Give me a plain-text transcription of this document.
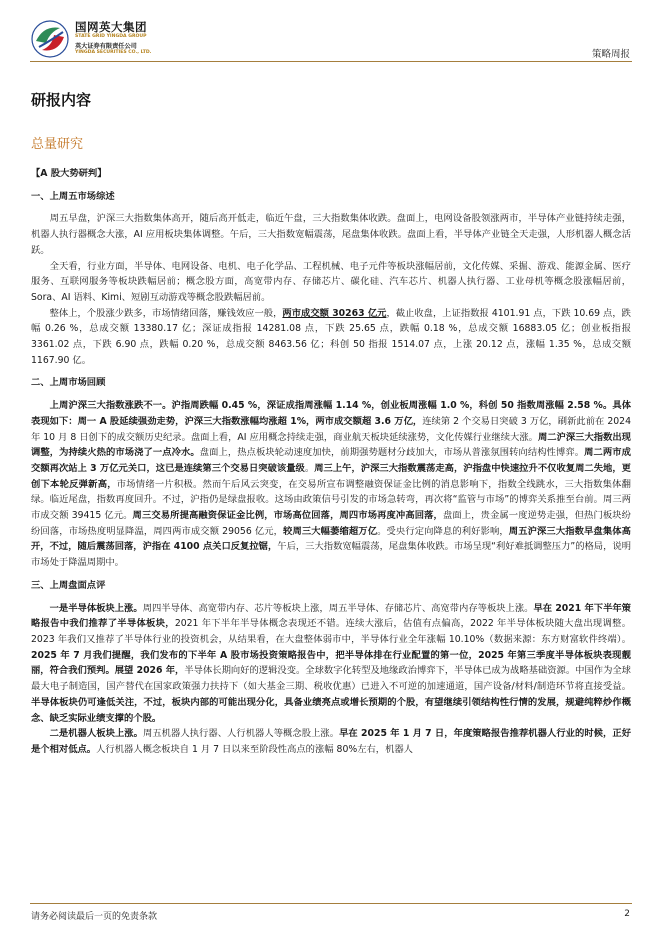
国网英大集团
STATE GRID YINGDA GROUP
英大证券有限责任公司
YINGDA SECURITIES CO., LTD.	策略周报
研报内容
总量研究
【A 股大势研判】
一、上周五市场综述

周五早盘，沪深三大指数集体高开，随后高开低走，临近午盘，三大指数集体收跌。盘面上，电网设备股领涨两市，半导体产业链持续走强，机器人执行器概念大涨，AI 应用板块集体调整。午后，三大指数宽幅震荡，尾盘集体收跌。盘面上看，半导体产业链全天走强，人形机器人概念活跃。

全天看，行业方面，半导体、电网设备、电机、电子化学品、工程机械、电子元件等板块涨幅居前，文化传媒、采掘、游戏、能源金属、医疗服务、互联网服务等板块跌幅居前；概念股方面，高宽带内存、存储芯片、碳化硅、汽车芯片、机器人执行器、工业母机等概念股涨幅居前，Sora、AI 语料、Kimi、短剧互动游戏等概念股跌幅居前。

整体上，个股涨少跌多，市场情绪回落，赚钱效应一般，两市成交额 30263 亿元，截止收盘，上证指数报 4101.91 点，下跌 10.69 点，跌幅 0.26 %，总成交额 13380.17 亿；深证成指报 14281.08 点，下跌 25.65 点，跌幅 0.18 %，总成交额 16883.05 亿；创业板指报 3361.02 点，下跌 6.90 点，跌幅 0.20 %，总成交额 8463.56 亿；科创 50 指报 1514.07 点，上涨 20.12 点，涨幅 1.35 %，总成交额 1167.90 亿。

二、上周市场回顾

上周沪深三大指数涨跌不一。沪指周跌幅 0.45 %，深证成指周涨幅 1.14 %，创业板周涨幅 1.0 %，科创 50 指数周涨幅 2.58 %。具体表现如下：周一 A 股延续强劲走势，沪深三大指数涨幅均涨超 1%，两市成交额超 3.6 万亿，连续第 2 个交易日突破 3 万亿，刷新此前在 2024 年 10 月 8 日创下的成交额历史纪录。盘面上看，AI 应用概念持续走强，商业航天板块延续涨势，文化传媒行业继续大涨。周二沪深三大指数出现调整，为持续火热的市场浇了一点冷水。盘面上，热点板块轮动速度加快，前期强势题材分歧加大，市场从普涨氛围转向结构性博弈。周二两市成交额再次站上 3 万亿元关口，这已是连续第三个交易日突破该量级。周三上午，沪深三大指数震荡走高，沪指盘中快速拉升不仅收复周二失地，更创下本轮反弹新高，市场情绪一片积极。然而午后风云突变，在交易所宣布调整融资保证金比例的消息影响下，指数全线跳水，三大指数集体翻绿。临近尾盘，指数再度回升。不过，沪指仍是绿盘报收。这场由政策信号引发的市场急转弯，再次将“监管与市场”的博弈关系推至台前。周三两市成交额 39415 亿元。周三交易所提高融资保证金比例，市场高位回落，周四市场再度冲高回落，盘面上，贵金属一度逆势走强，但热门板块纷纷回落，市场热度明显降温，周四两市成交额 29056 亿元，较周三大幅萎缩超万亿。受央行定向降息的利好影响，周五沪深三大指数早盘集体高开，不过，随后震荡回落，沪指在 4100 点关口反复拉锯，午后，三大指数宽幅震荡，尾盘集体收跌。市场呈现“利好难抵调整压力”的格局，说明市场处于降温周期中。

三、上周盘面点评

一是半导体板块上涨。周四半导体、高宽带内存、芯片等板块上涨，周五半导体、存储芯片、高宽带内存等板块上涨。早在 2021 年下半年策略报告中我们推荐了半导体板块，2021 年下半年半导体概念表现还不错。连续大涨后，估值有点偏高，2022 年半导体板块随大盘出现调整。2023 年我们又推荐了半导体行业的投资机会，从结果看，在大盘整体弱市中，半导体行业全年涨幅 10.10%（数据来源：东方财富软件终端）。2025 年 7 月我们提醒，我们发布的下半年 A 股市场投资策略报告中，把半导体排在行业配置的第一位，2025 年第三季度半导体板块表现靓丽，符合我们预判。展望 2026 年，半导体长期向好的逻辑没变。全球数字化转型及地缘政治博弈下，半导体已成为战略基础资源。中国作为全球最大电子制造国，国产替代在国家政策强力扶持下（如大基金三期、税收优惠）已进入不可逆的加速通道，国产设备/材料/制造环节将直接受益。半导体板块仍可逢低关注，不过，板块内部的可能出现分化，具备业绩亮点或增长预期的个股，有望继续引领结构性行情的发展，规避纯粹炒作概念、缺乏实际业绩支撑的个股。

二是机器人板块上涨。周五机器人执行器、人行机器人等概念股上涨。早在 2025 年 1 月 7 日，年度策略报告推荐机器人行业的时候，正好是个相对低点。人行机器人概念板块自 1 月 7 日以来至阶段性高点的涨幅 80%左右，机器人

请务必阅读最后一页的免责条款	2
